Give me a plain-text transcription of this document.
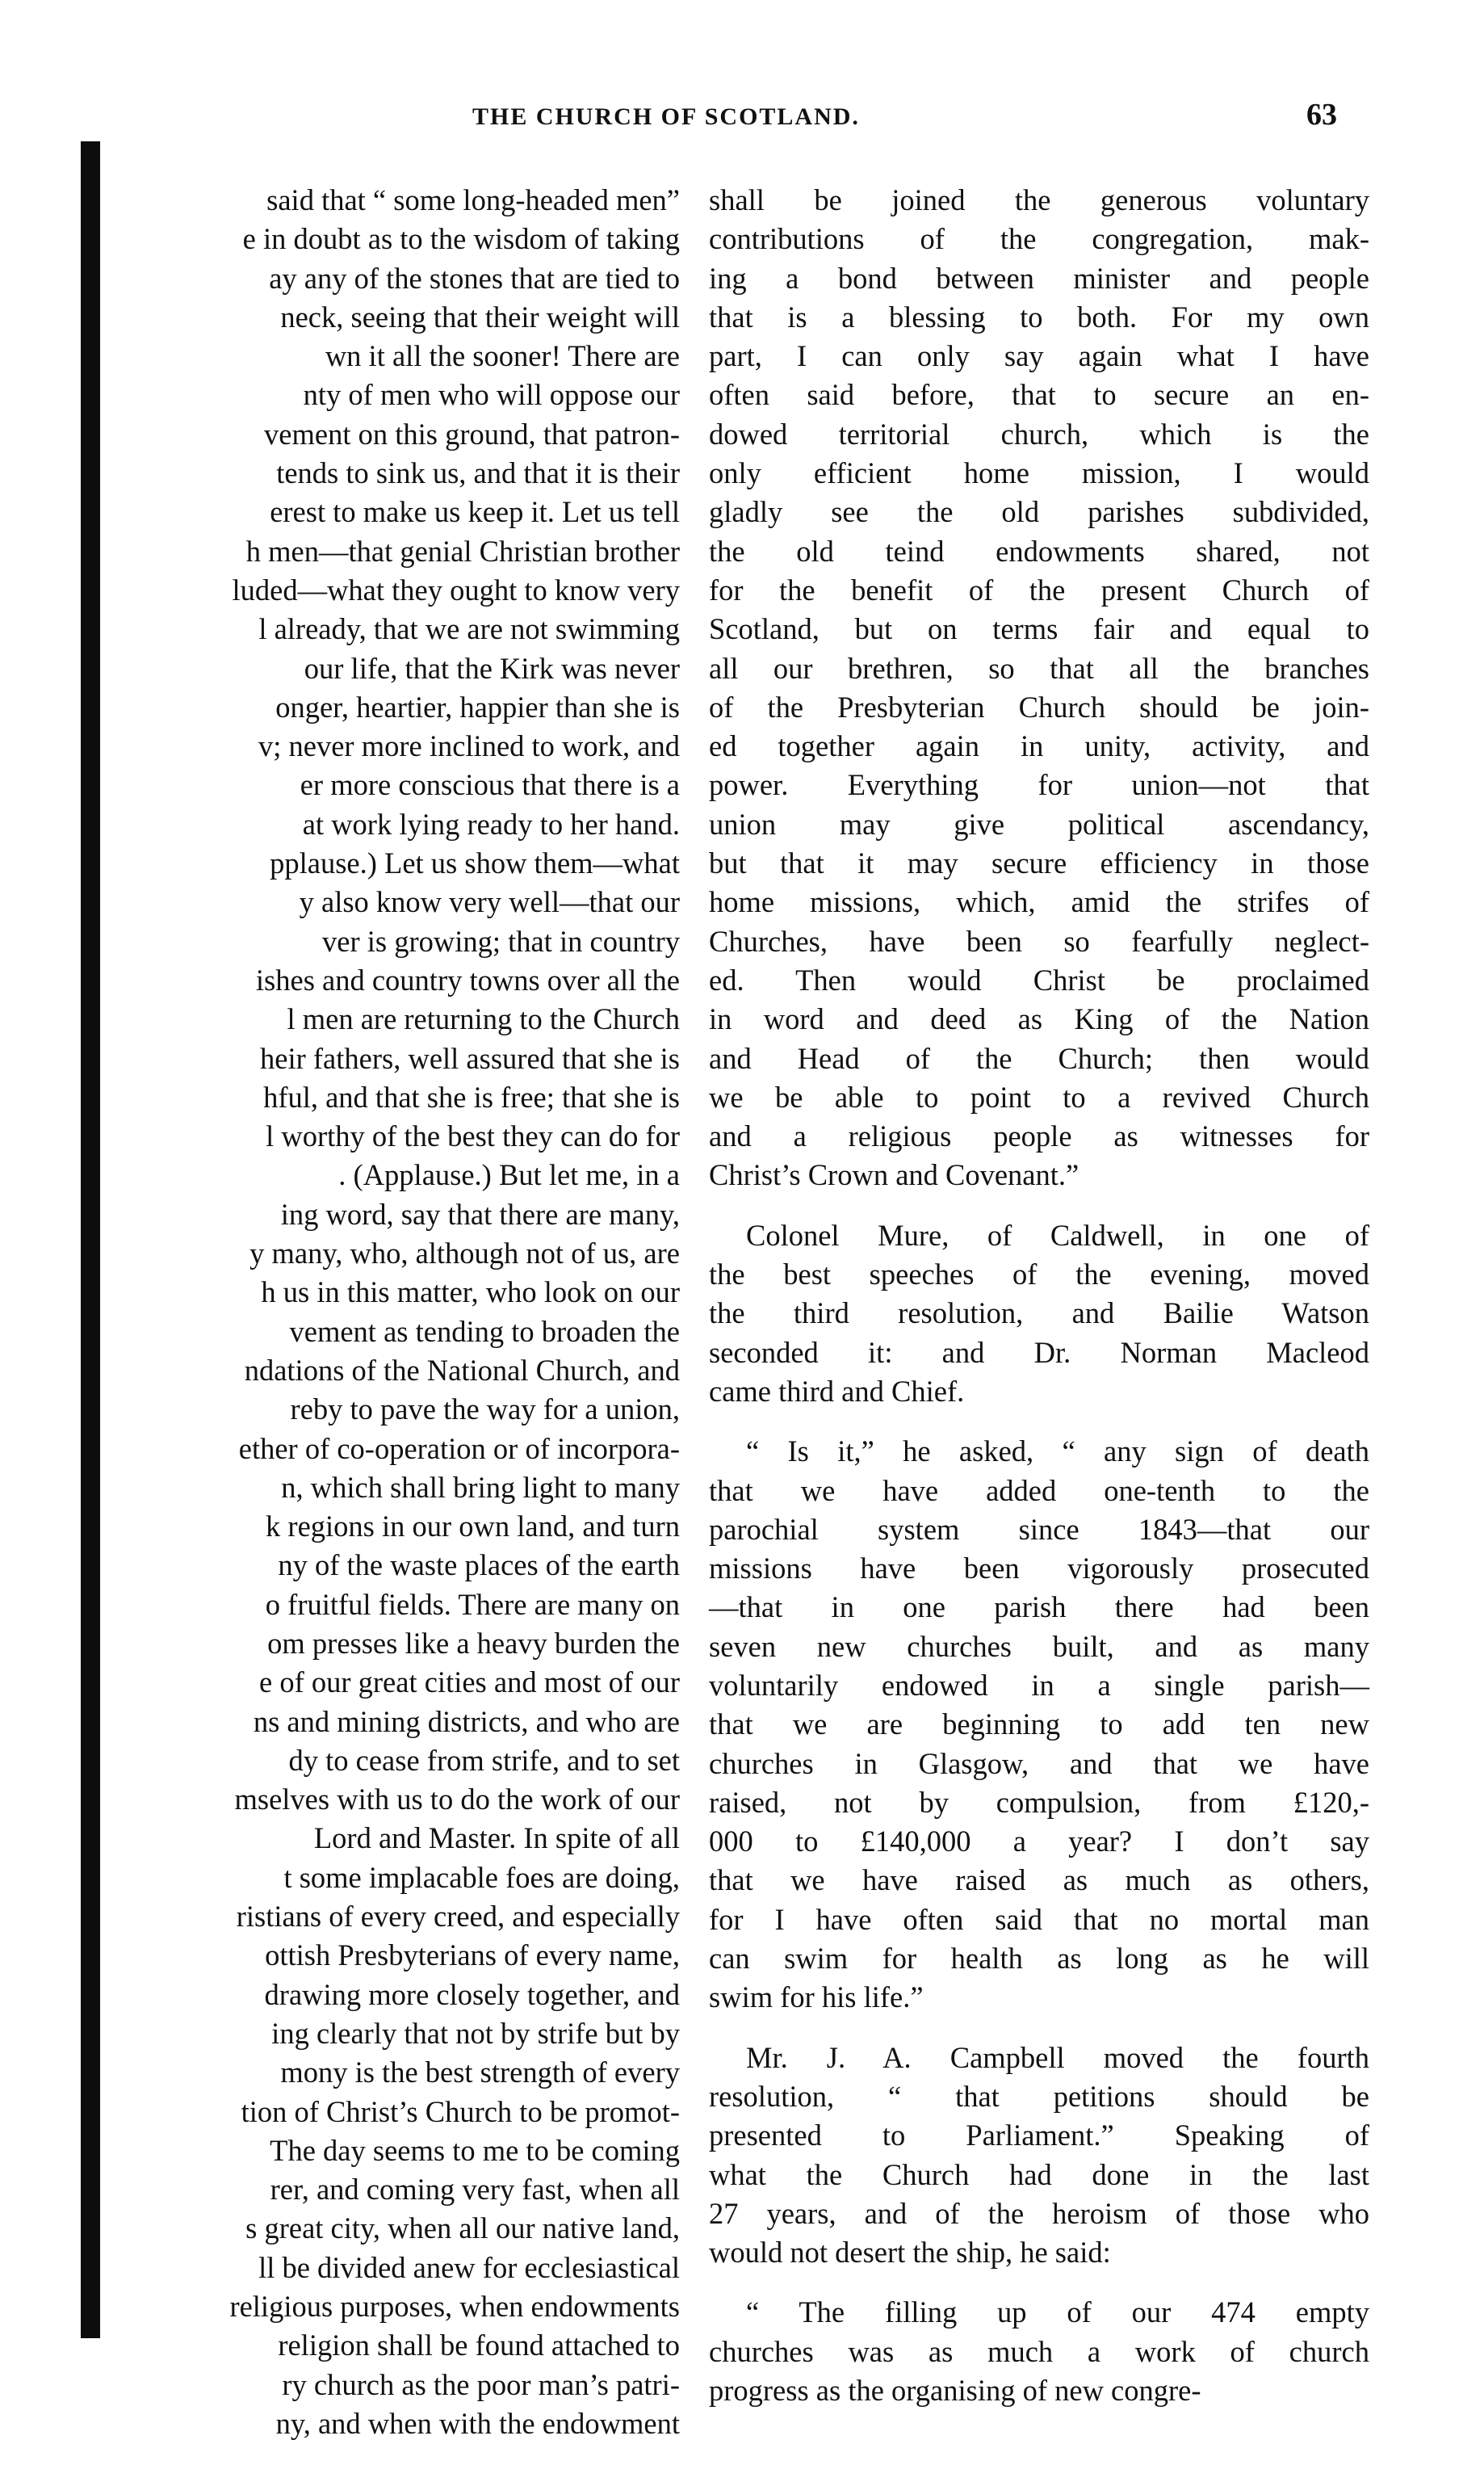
THE CHURCH OF SCOTLAND.	63
said that “ some long-headed men”
e in doubt as to the wisdom of taking
ay any of the stones that are tied to
neck, seeing that their weight will
wn it all the sooner! There are
nty of men who will oppose our
vement on this ground, that patron-
tends to sink us, and that it is their
erest to make us keep it. Let us tell
h men—that genial Christian brother
luded—what they ought to know very
l already, that we are not swimming
our life, that the Kirk was never
onger, heartier, happier than she is
v; never more inclined to work, and
er more conscious that there is a
at work lying ready to her hand.
pplause.) Let us show them—what
y also know very well—that our
ver is growing; that in country
ishes and country towns over all the
l men are returning to the Church
heir fathers, well assured that she is
hful, and that she is free; that she is
l worthy of the best they can do for
. (Applause.) But let me, in a
ing word, say that there are many,
y many, who, although not of us, are
h us in this matter, who look on our
vement as tending to broaden the
ndations of the National Church, and
reby to pave the way for a union,
ether of co-operation or of incorpora-
n, which shall bring light to many
k regions in our own land, and turn
ny of the waste places of the earth
o fruitful fields. There are many on
om presses like a heavy burden the
e of our great cities and most of our
ns and mining districts, and who are
dy to cease from strife, and to set
mselves with us to do the work of our
Lord and Master. In spite of all
t some implacable foes are doing,
ristians of every creed, and especially
ottish Presbyterians of every name,
drawing more closely together, and
ing clearly that not by strife but by
mony is the best strength of every
tion of Christ’s Church to be promot-
The day seems to me to be coming
rer, and coming very fast, when all
s great city, when all our native land,
ll be divided anew for ecclesiastical
religious purposes, when endowments
religion shall be found attached to
ry church as the poor man’s patri-
ny, and when with the endowment
shall be joined the generous voluntary
contributions of the congregation, mak-
ing a bond between minister and people
that is a blessing to both. For my own
part, I can only say again what I have
often said before, that to secure an en-
dowed territorial church, which is the
only efficient home mission, I would
gladly see the old parishes subdivided,
the old teind endowments shared, not
for the benefit of the present Church of
Scotland, but on terms fair and equal to
all our brethren, so that all the branches
of the Presbyterian Church should be join-
ed together again in unity, activity, and
power. Everything for union—not that
union may give political ascendancy,
but that it may secure efficiency in those
home missions, which, amid the strifes of
Churches, have been so fearfully neglect-
ed. Then would Christ be proclaimed
in word and deed as King of the Nation
and Head of the Church; then would
we be able to point to a revived Church
and a religious people as witnesses for
Christ’s Crown and Covenant.”
Colonel Mure, of Caldwell, in one of
the best speeches of the evening, moved
the third resolution, and Bailie Watson
seconded it: and Dr. Norman Macleod
came third and Chief.
“ Is it,” he asked, “ any sign of death
that we have added one-tenth to the
parochial system since 1843—that our
missions have been vigorously prosecuted
—that in one parish there had been
seven new churches built, and as many
voluntarily endowed in a single parish—
that we are beginning to add ten new
churches in Glasgow, and that we have
raised, not by compulsion, from £120,-
000 to £140,000 a year? I don’t say
that we have raised as much as others,
for I have often said that no mortal man
can swim for health as long as he will
swim for his life.”
Mr. J. A. Campbell moved the fourth
resolution, “ that petitions should be
presented to Parliament.” Speaking of
what the Church had done in the last
27 years, and of the heroism of those who
would not desert the ship, he said:
“ The filling up of our 474 empty
churches was as much a work of church
progress as the organising of new congre-
